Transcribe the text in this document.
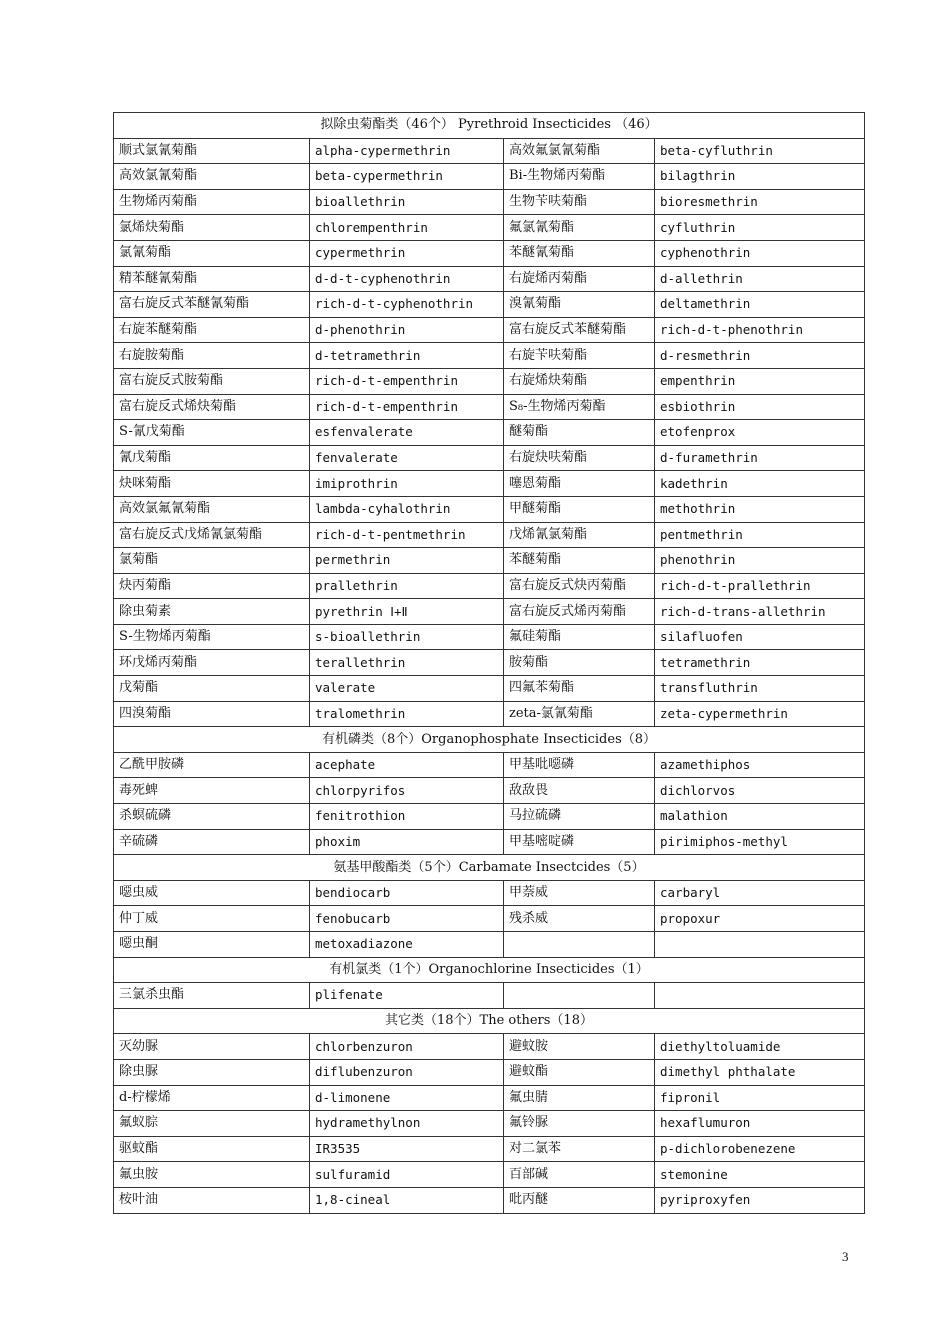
拟除虫菊酯类（46个） Pyrethroid Insecticides （46）			
顺式氯氰菊酯	alpha-cypermethrin	高效氟氯氰菊酯	beta-cyfluthrin
高效氯氰菊酯	beta-cypermethrin	Bi-生物烯丙菊酯	bilagthrin
生物烯丙菊酯	bioallethrin	生物苄呋菊酯	bioresmethrin
氯烯炔菊酯	chlorempenthrin	氟氯氰菊酯	cyfluthrin
氯氰菊酯	cypermethrin	苯醚氰菊酯	cyphenothrin
精苯醚氰菊酯	d-d-t-cyphenothrin	右旋烯丙菊酯	d-allethrin
富右旋反式苯醚氰菊酯	rich-d-t-cyphenothrin	溴氰菊酯	deltamethrin
右旋苯醚菊酯	d-phenothrin	富右旋反式苯醚菊酯	rich-d-t-phenothrin
右旋胺菊酯	d-tetramethrin	右旋苄呋菊酯	d-resmethrin
富右旋反式胺菊酯	rich-d-t-empenthrin	右旋烯炔菊酯	empenthrin
富右旋反式烯炔菊酯	rich-d-t-empenthrin	S₈-生物烯丙菊酯	esbiothrin
S-氰戊菊酯	esfenvalerate	醚菊酯	etofenprox
氰戊菊酯	fenvalerate	右旋炔呋菊酯	d-furamethrin
炔咪菊酯	imiprothrin	噻恩菊酯	kadethrin
高效氯氟氰菊酯	lambda-cyhalothrin	甲醚菊酯	methothrin
富右旋反式戊烯氰氯菊酯	rich-d-t-pentmethrin	戊烯氰氯菊酯	pentmethrin
氯菊酯	permethrin	苯醚菊酯	phenothrin
炔丙菊酯	prallethrin	富右旋反式炔丙菊酯	rich-d-t-prallethrin
除虫菊素	pyrethrin Ⅰ+Ⅱ	富右旋反式烯丙菊酯	rich-d-trans-allethrin
S-生物烯丙菊酯	s-bioallethrin	氟硅菊酯	silafluofen
环戊烯丙菊酯	terallethrin	胺菊酯	tetramethrin
戊菊酯	valerate	四氟苯菊酯	transfluthrin
四溴菊酯	tralomethrin	zeta-氯氰菊酯	zeta-cypermethrin
有机磷类（8个）Organophosphate Insecticides（8）			
乙酰甲胺磷	acephate	甲基吡噁磷	azamethiphos
毒死蜱	chlorpyrifos	敌敌畏	dichlorvos
杀螟硫磷	fenitrothion	马拉硫磷	malathion
辛硫磷	phoxim	甲基嘧啶磷	pirimiphos-methyl
氨基甲酸酯类（5个）Carbamate Insectcides（5）			
噁虫威	bendiocarb	甲萘威	carbaryl
仲丁威	fenobucarb	残杀威	propoxur
噁虫酮	metoxadiazone		
有机氯类（1个）Organochlorine Insecticides（1）			
三氯杀虫酯	plifenate		
其它类（18个）The others（18）			
灭幼脲	chlorbenzuron	避蚊胺	diethyltoluamide
除虫脲	diflubenzuron	避蚊酯	dimethyl phthalate
d-柠檬烯	d-limonene	氟虫腈	fipronil
氟蚁腙	hydramethylnon	氟铃脲	hexaflumuron
驱蚊酯	IR3535	对二氯苯	p-dichlorobenezene
氟虫胺	sulfuramid	百部碱	stemonine
桉叶油	1,8-cineal	吡丙醚	pyriproxyfen
3
